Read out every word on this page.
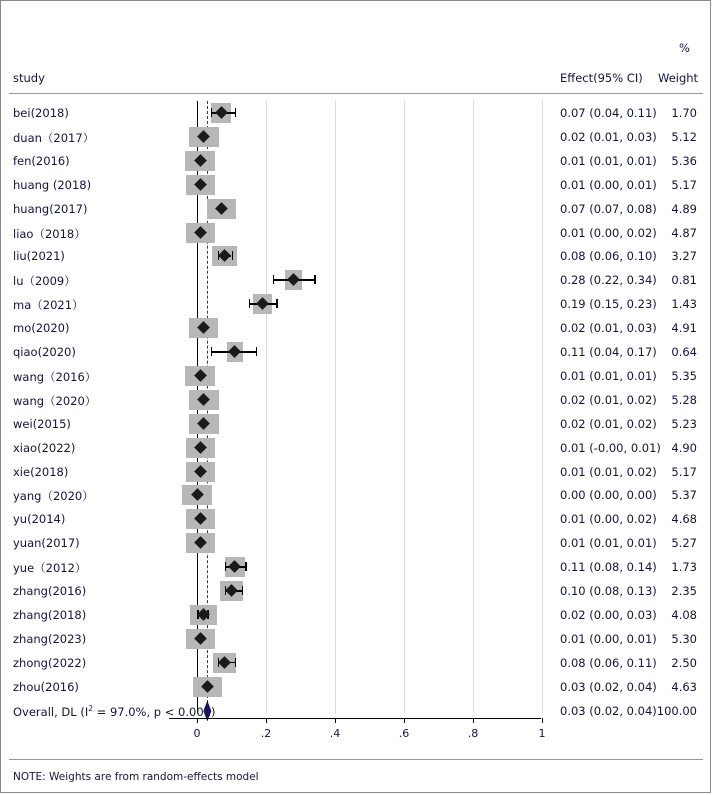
%
study	Effect(95% CI) Weight
0	.2	.4	.6	.8	1
bei(2018)	0.07 (0.04, 0.11)	1.70
duan（2017）	0.02 (0.01, 0.03)	5.12
fen(2016)	0.01 (0.01, 0.01)	5.36
huang (2018)	0.01 (0.00, 0.01)	5.17
huang(2017)	0.07 (0.07, 0.08)	4.89
liao（2018）	0.01 (0.00, 0.02)	4.87
liu(2021)	0.08 (0.06, 0.10)	3.27
lu（2009）	0.28 (0.22, 0.34)	0.81
ma（2021）	0.19 (0.15, 0.23)	1.43
mo(2020)	0.02 (0.01, 0.03)	4.91
qiao(2020)	0.11 (0.04, 0.17)	0.64
wang（2016）	0.01 (0.01, 0.01)	5.35
wang（2020）	0.02 (0.01, 0.02)	5.28
wei(2015)	0.02 (0.01, 0.02)	5.23
xiao(2022)	0.01 (-0.00, 0.01) 4.90
xie(2018)	0.01 (0.01, 0.02)	5.17
yang（2020）	0.00 (0.00, 0.00)	5.37
yu(2014)	0.01 (0.00, 0.02)	4.68
yuan(2017)	0.01 (0.01, 0.01)	5.27
yue（2012）	0.11 (0.08, 0.14)	1.73
zhang(2016)	0.10 (0.08, 0.13)	2.35
zhang(2018)	0.02 (0.00, 0.03)	4.08
zhang(2023)	0.01 (0.00, 0.01)	5.30
zhong(2022)	0.08 (0.06, 0.11)	2.50
zhou(2016)	0.03 (0.02, 0.04)	4.63
Overall, DL ($I^2 = 97.0\%$, p < 0.001)	0.03 (0.02, 0.04) 100.00
NOTE: Weights are from random-effects model
